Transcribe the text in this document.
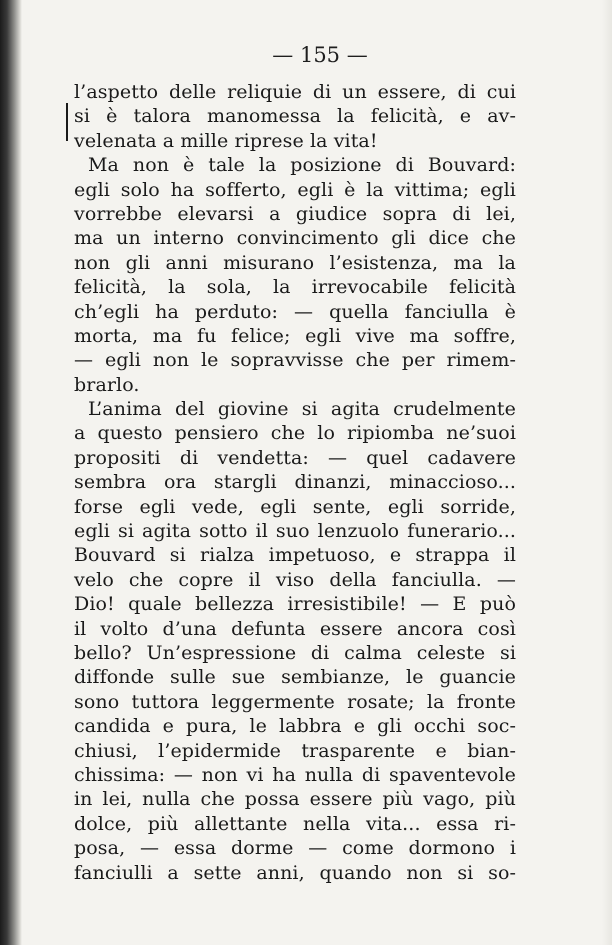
— 155 —
l’aspetto delle reliquie di un essere, di cui
si è talora manomessa la felicità, e av-
velenata a mille riprese la vita!
Ma non è tale la posizione di Bouvard:
egli solo ha sofferto, egli è la vittima; egli
vorrebbe elevarsi a giudice sopra di lei,
ma un interno convincimento gli dice che
non gli anni misurano l’esistenza, ma la
felicità, la sola, la irrevocabile felicità
ch’egli ha perduto: — quella fanciulla è
morta, ma fu felice; egli vive ma soffre,
— egli non le sopravvisse che per rimem-
brarlo.
L’anima del giovine si agita crudelmente
a questo pensiero che lo ripiomba ne’suoi
propositi di vendetta: — quel cadavere
sembra ora stargli dinanzi, minaccioso...
forse egli vede, egli sente, egli sorride,
egli si agita sotto il suo lenzuolo funerario...
Bouvard si rialza impetuoso, e strappa il
velo che copre il viso della fanciulla. —
Dio! quale bellezza irresistibile! — E può
il volto d’una defunta essere ancora così
bello? Un’espressione di calma celeste si
diffonde sulle sue sembianze, le guancie
sono tuttora leggermente rosate; la fronte
candida e pura, le labbra e gli occhi soc-
chiusi, l’epidermide trasparente e bian-
chissima: — non vi ha nulla di spaventevole
in lei, nulla che possa essere più vago, più
dolce, più allettante nella vita... essa ri-
posa, — essa dorme — come dormono i
fanciulli a sette anni, quando non si so-
